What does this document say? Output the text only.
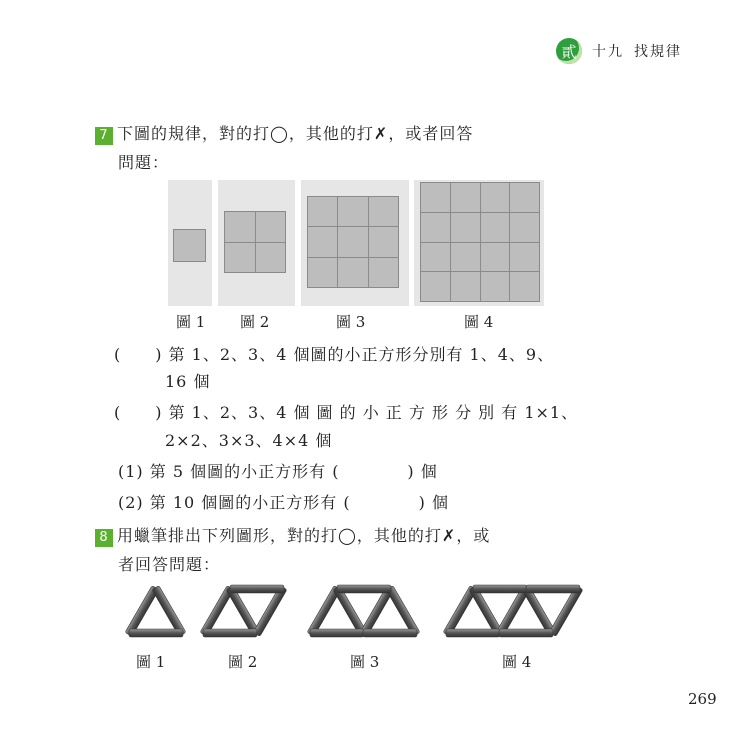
貳	十九 找規律
7 下圖的規律，對的打◯，其他的打✗，或者回答
問題：
圖 1 圖 2	圖 3	圖 4
(　　) 第 1、2、3、4 個圖的小正方形分別有 1、4、9、
16 個
(　　) 第 1、2、3、4 個 圖 的 小 正 方 形 分 別 有 1×1、
2×2、3×3、4×4 個
(1) 第 5 個圖的小正方形有 (　　　　) 個
(2) 第 10 個圖的小正方形有 (　　　　) 個
8 用蠟筆排出下列圖形，對的打◯，其他的打✗，或
者回答問題：
圖 1	圖 2	圖 3	圖 4
269
